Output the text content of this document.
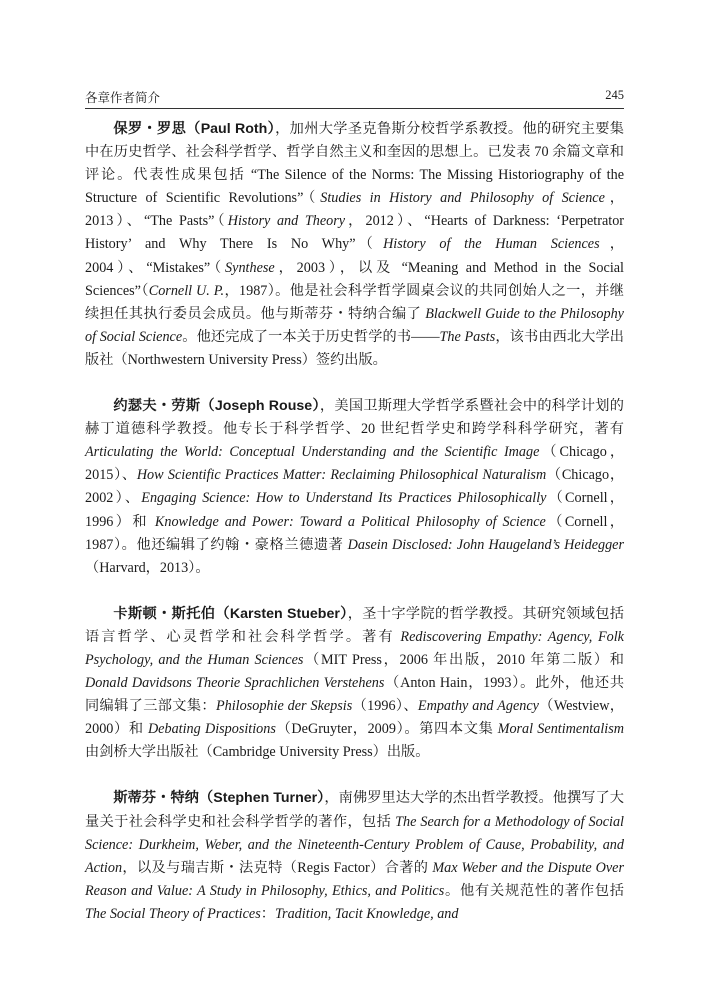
各章作者简介	245

保罗・罗思（Paul Roth），加州大学圣克鲁斯分校哲学系教授。他的研究主要集中在历史哲学、社会科学哲学、哲学自然主义和奎因的思想上。已发表 70 余篇文章和评论。代表性成果包括 “The Silence of the Norms: The Missing Historiography of the Structure of Scientific Revolutions”（Studies in History and Philosophy of Science，2013）、“The Pasts”（History and Theory，2012）、“Hearts of Darkness: ‘Perpetrator History’ and Why There Is No Why”（History of the Human Sciences，2004）、“Mistakes”（Synthese，2003），以及 “Meaning and Method in the Social Sciences”（Cornell U. P.，1987）。他是社会科学哲学圆桌会议的共同创始人之一，并继续担任其执行委员会成员。他与斯蒂芬・特纳合编了 Blackwell Guide to the Philosophy of Social Science。他还完成了一本关于历史哲学的书——The Pasts，该书由西北大学出版社（Northwestern University Press）签约出版。

约瑟夫・劳斯（Joseph Rouse），美国卫斯理大学哲学系暨社会中的科学计划的赫丁道德科学教授。他专长于科学哲学、20 世纪哲学史和跨学科科学研究，著有 Articulating the World: Conceptual Understanding and the Scientific Image（Chicago，2015）、How Scientific Practices Matter: Reclaiming Philosophical Naturalism（Chicago，2002）、Engaging Science: How to Understand Its Practices Philosophically（Cornell，1996）和 Knowledge and Power: Toward a Political Philosophy of Science（Cornell，1987）。他还编辑了约翰・豪格兰德遗著 Dasein Disclosed: John Haugeland’s Heidegger（Harvard，2013）。

卡斯顿・斯托伯（Karsten Stueber），圣十字学院的哲学教授。其研究领域包括语言哲学、心灵哲学和社会科学哲学。著有 Rediscovering Empathy: Agency, Folk Psychology, and the Human Sciences（MIT Press，2006 年出版，2010 年第二版）和 Donald Davidsons Theorie Sprachlichen Verstehens（Anton Hain，1993）。此外，他还共同编辑了三部文集：Philosophie der Skepsis（1996）、Empathy and Agency（Westview，2000）和 Debating Dispositions（DeGruyter，2009）。第四本文集 Moral Sentimentalism 由剑桥大学出版社（Cambridge University Press）出版。

斯蒂芬・特纳（Stephen Turner），南佛罗里达大学的杰出哲学教授。他撰写了大量关于社会科学史和社会科学哲学的著作，包括 The Search for a Methodology of Social Science: Durkheim, Weber, and the Nineteenth-Century Problem of Cause, Probability, and Action，以及与瑞吉斯・法克特（Regis Factor）合著的 Max Weber and the Dispute Over Reason and Value: A Study in Philosophy, Ethics, and Politics。他有关规范性的著作包括 The Social Theory of Practices：Tradition, Tacit Knowledge, and
